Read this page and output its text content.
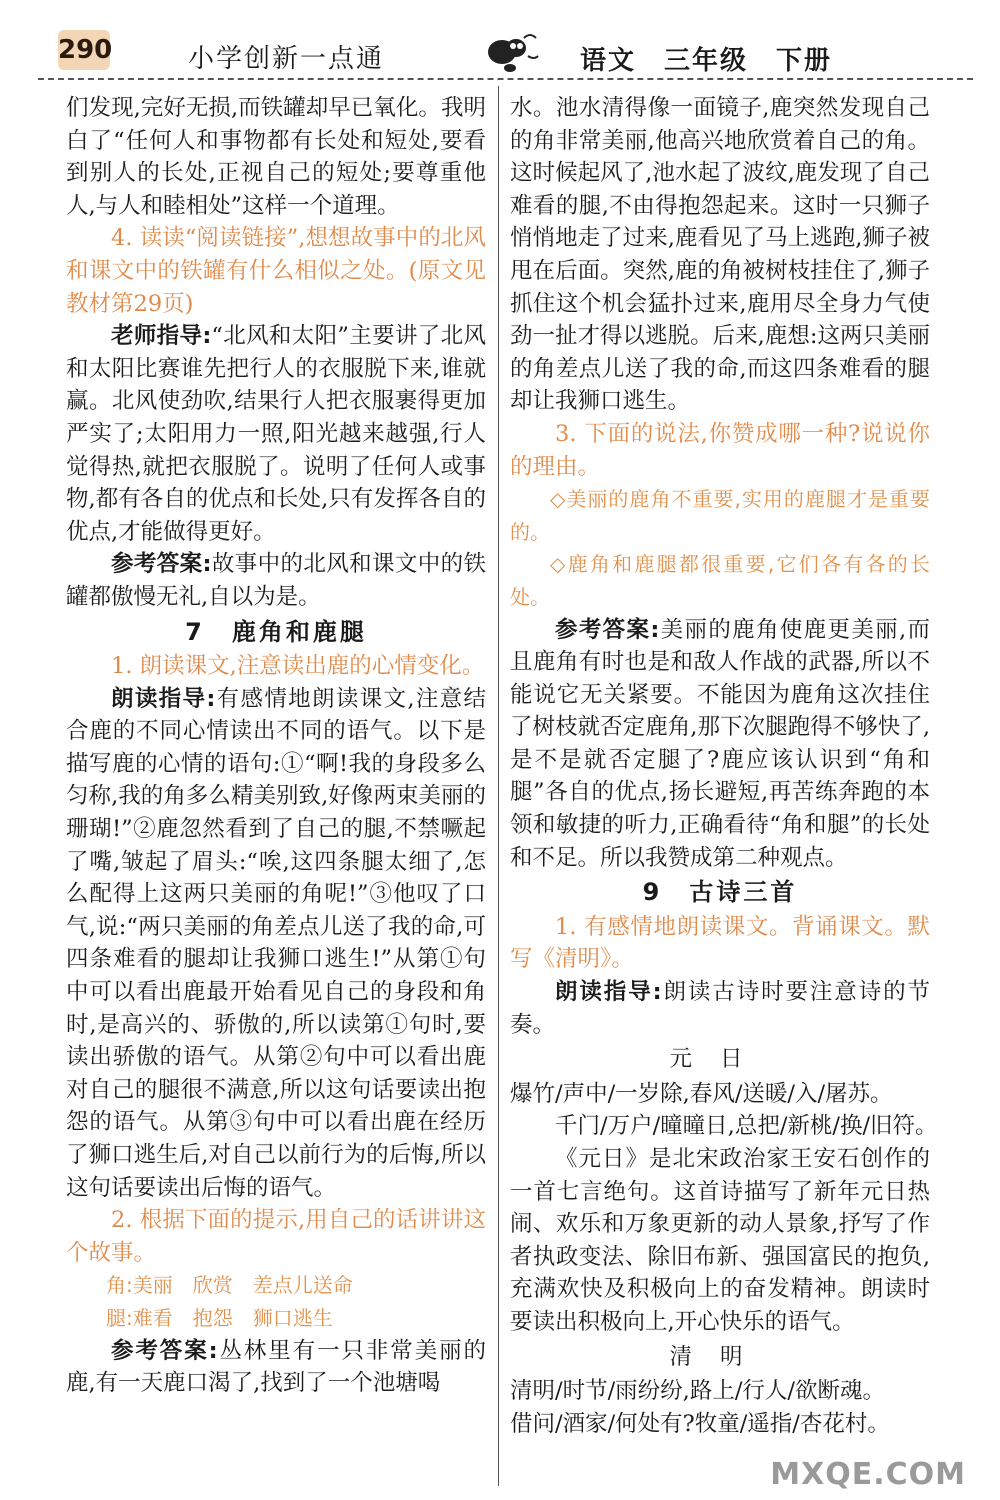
290	小学创新一点通	语文　三年级　下册

们发现,完好无损,而铁罐却早已氧化。我明白了“任何人和事物都有长处和短处,要看到别人的长处,正视自己的短处;要尊重他人,与人和睦相处”这样一个道理。

4. 读读“阅读链接”,想想故事中的北风和课文中的铁罐有什么相似之处。(原文见教材第29页)

老师指导:“北风和太阳”主要讲了北风和太阳比赛谁先把行人的衣服脱下来,谁就赢。北风使劲吹,结果行人把衣服裹得更加严实了;太阳用力一照,阳光越来越强,行人觉得热,就把衣服脱了。说明了任何人或事物,都有各自的优点和长处,只有发挥各自的优点,才能做得更好。

参考答案:故事中的北风和课文中的铁罐都傲慢无礼,自以为是。

7　鹿角和鹿腿

1. 朗读课文,注意读出鹿的心情变化。

朗读指导:有感情地朗读课文,注意结合鹿的不同心情读出不同的语气。以下是描写鹿的心情的语句:①“啊!我的身段多么匀称,我的角多么精美别致,好像两束美丽的珊瑚!”②鹿忽然看到了自己的腿,不禁噘起了嘴,皱起了眉头:“唉,这四条腿太细了,怎么配得上这两只美丽的角呢!”③他叹了口气,说:“两只美丽的角差点儿送了我的命,可四条难看的腿却让我狮口逃生!”从第①句中可以看出鹿最开始看见自己的身段和角时,是高兴的、骄傲的,所以读第①句时,要读出骄傲的语气。从第②句中可以看出鹿对自己的腿很不满意,所以这句话要读出抱怨的语气。从第③句中可以看出鹿在经历了狮口逃生后,对自己以前行为的后悔,所以这句话要读出后悔的语气。

2. 根据下面的提示,用自己的话讲讲这个故事。

角:美丽　欣赏　差点儿送命

腿:难看　抱怨　狮口逃生

参考答案:丛林里有一只非常美丽的鹿,有一天鹿口渴了,找到了一个池塘喝

水。池水清得像一面镜子,鹿突然发现自己的角非常美丽,他高兴地欣赏着自己的角。这时候起风了,池水起了波纹,鹿发现了自己难看的腿,不由得抱怨起来。这时一只狮子悄悄地走了过来,鹿看见了马上逃跑,狮子被甩在后面。突然,鹿的角被树枝挂住了,狮子抓住这个机会猛扑过来,鹿用尽全身力气使劲一扯才得以逃脱。后来,鹿想:这两只美丽的角差点儿送了我的命,而这四条难看的腿却让我狮口逃生。

3. 下面的说法,你赞成哪一种?说说你的理由。

◇美丽的鹿角不重要,实用的鹿腿才是重要的。

◇鹿角和鹿腿都很重要,它们各有各的长处。

参考答案:美丽的鹿角使鹿更美丽,而且鹿角有时也是和敌人作战的武器,所以不能说它无关紧要。不能因为鹿角这次挂住了树枝就否定鹿角,那下次腿跑得不够快了,是不是就否定腿了?鹿应该认识到“角和腿”各自的优点,扬长避短,再苦练奔跑的本领和敏捷的听力,正确看待“角和腿”的长处和不足。所以我赞成第二种观点。

9　古诗三首

1. 有感情地朗读课文。背诵课文。默写《清明》。

朗读指导:朗读古诗时要注意诗的节奏。

元日

爆竹/声中/一岁除,春风/送暖/入/屠苏。

千门/万户/曈曈日,总把/新桃/换/旧符。

《元日》是北宋政治家王安石创作的一首七言绝句。这首诗描写了新年元日热闹、欢乐和万象更新的动人景象,抒写了作者执政变法、除旧布新、强国富民的抱负,充满欢快及积极向上的奋发精神。朗读时要读出积极向上,开心快乐的语气。

清明

清明/时节/雨纷纷,路上/行人/欲断魂。

借问/酒家/何处有?牧童/遥指/杏花村。

MXQE.COM
